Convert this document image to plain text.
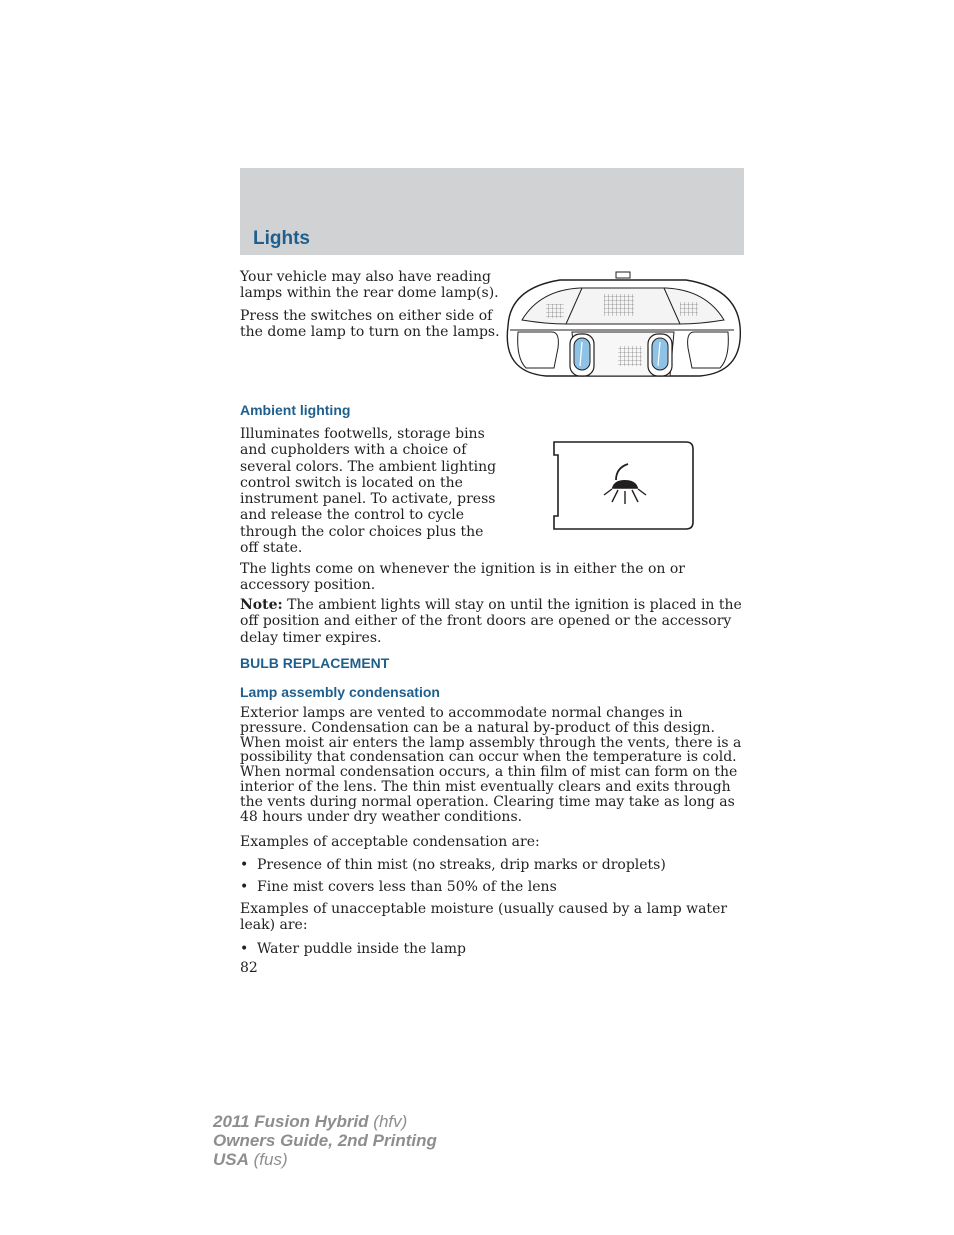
Lights

Your vehicle may also have reading lamps within the rear dome lamp(s).

Press the switches on either side of the dome lamp to turn on the lamps.

Ambient lighting

Illuminates footwells, storage bins and cupholders with a choice of several colors. The ambient lighting control switch is located on the instrument panel. To activate, press and release the control to cycle through the color choices plus the off state.

The lights come on whenever the ignition is in either the on or accessory position.

Note: The ambient lights will stay on until the ignition is placed in the off position and either of the front doors are opened or the accessory delay timer expires.

BULB REPLACEMENT
Lamp assembly condensation

Exterior lamps are vented to accommodate normal changes in pressure. Condensation can be a natural by-product of this design. When moist air enters the lamp assembly through the vents, there is a possibility that condensation can occur when the temperature is cold. When normal condensation occurs, a thin film of mist can form on the interior of the lens. The thin mist eventually clears and exits through the vents during normal operation. Clearing time may take as long as 48 hours under dry weather conditions.

Examples of acceptable condensation are:

• Presence of thin mist (no streaks, drip marks or droplets)

• Fine mist covers less than 50% of the lens

Examples of unacceptable moisture (usually caused by a lamp water leak) are:

• Water puddle inside the lamp

82

2011 Fusion Hybrid (hfv)
Owners Guide, 2nd Printing
USA (fus)
